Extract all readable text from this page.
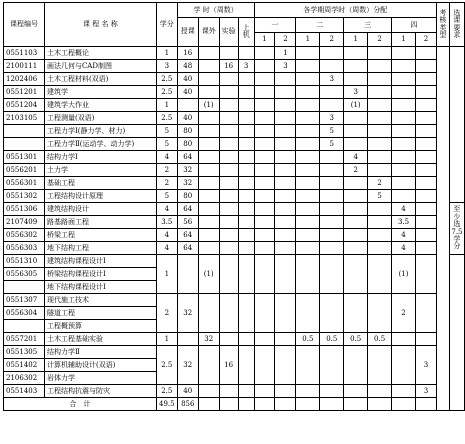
课程编号	课 程 名 称	学分	学 时（周数）				各学期周学时（周数）分配								考核类型	选课要求
			授课	课外	实验	上机	一		二		三		四			
							1	2	1	2	1	2	1	2		
0551103	土木工程概论	1	16					1								
2100111	画法几何与CAD制图	3	48		16	3		3								
1202406	土木工程材料(双语)	2.5	40							3						
0551201	建筑学	2.5	40								3					
0551204	建筑学大作业	1		(1)							(1)					
2103105	工程测量(双语)	2.5	40							3						
	工程力学Ⅰ(静力学、材力)	5	80							5						
	工程力学Ⅱ(运动学、动力学)	5	80							5						
0551301	结构力学Ⅰ	4	64								4					
0556201	土力学	2	32								2					
0556301	基础工程	2	32									2				
0551302	工程结构设计原理	5	80									5				
0551306	建筑结构设计	4	64										4			至少选7.5学分
2107409	路基路面工程	3.5	56										3.5			
0556302	桥梁工程	4	64										4			
0556303	地下结构工程	4	64										4			
0551310	建筑结构课程设计Ⅰ	1		(1)									(1)			
0556305	桥梁结构课程设计Ⅰ															
	地下结构课程设计Ⅰ															
0551307	现代施工技术	2	32										2			
0556304	隧道工程															
	工程概预算															
0557201	土木工程基础实验	1		32					0.5	0.5	0.5	0.5				
0551305	结构力学Ⅱ	2.5	32		16									3		
0551402	计算机辅助设计(双语)															
2106302	岩体力学															
0551403	工程结构抗震与防灾	2.5	40											3		
合　计		49.5	856													
